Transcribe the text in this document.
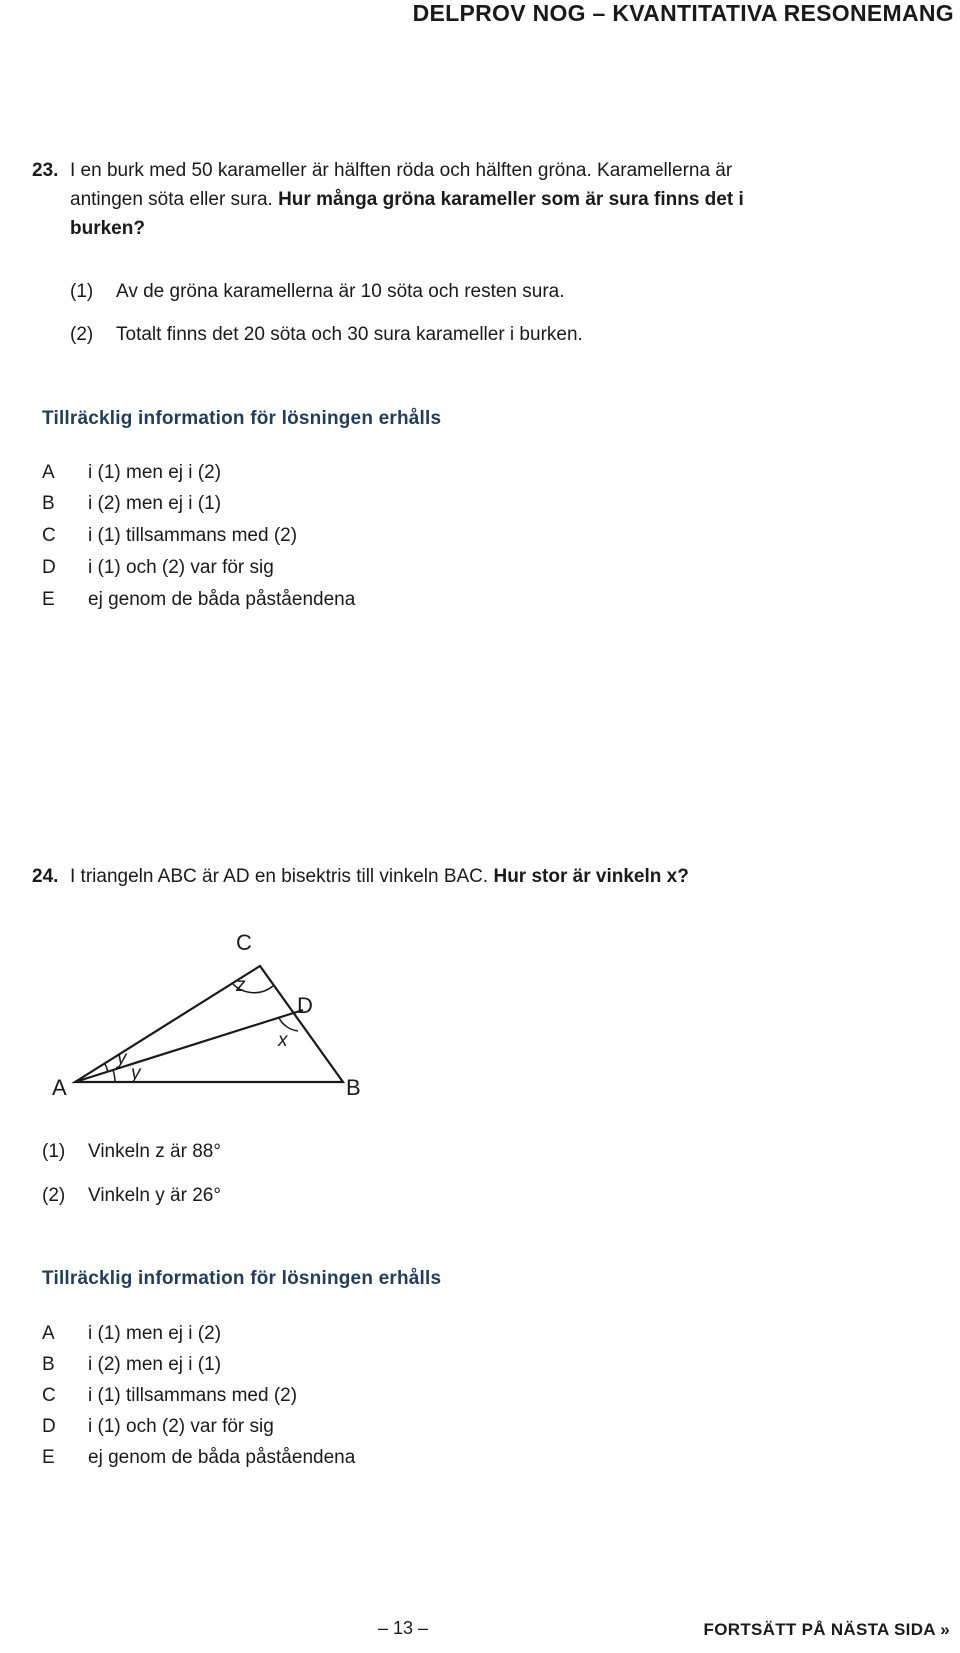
DELPROV NOG – KVANTITATIVA RESONEMANG
23. I en burk med 50 karameller är hälften röda och hälften gröna. Karamellerna är antingen söta eller sura. Hur många gröna karameller som är sura finns det i burken?
(1) Av de gröna karamellerna är 10 söta och resten sura.
(2) Totalt finns det 20 söta och 30 sura karameller i burken.
Tillräcklig information för lösningen erhålls
A i (1) men ej i (2)
B i (2) men ej i (1)
C i (1) tillsammans med (2)
D i (1) och (2) var för sig
E ej genom de båda påståendena
24. I triangeln ABC är AD en bisektris till vinkeln BAC. Hur stor är vinkeln x?
C
A	B
D
z
x
y
y
(1) Vinkeln z är 88°
(2) Vinkeln y är 26°
Tillräcklig information för lösningen erhålls
A i (1) men ej i (2)
B i (2) men ej i (1)
C i (1) tillsammans med (2)
D i (1) och (2) var för sig
E ej genom de båda påståendena
– 13 –	FORTSÄTT PÅ NÄSTA SIDA »
